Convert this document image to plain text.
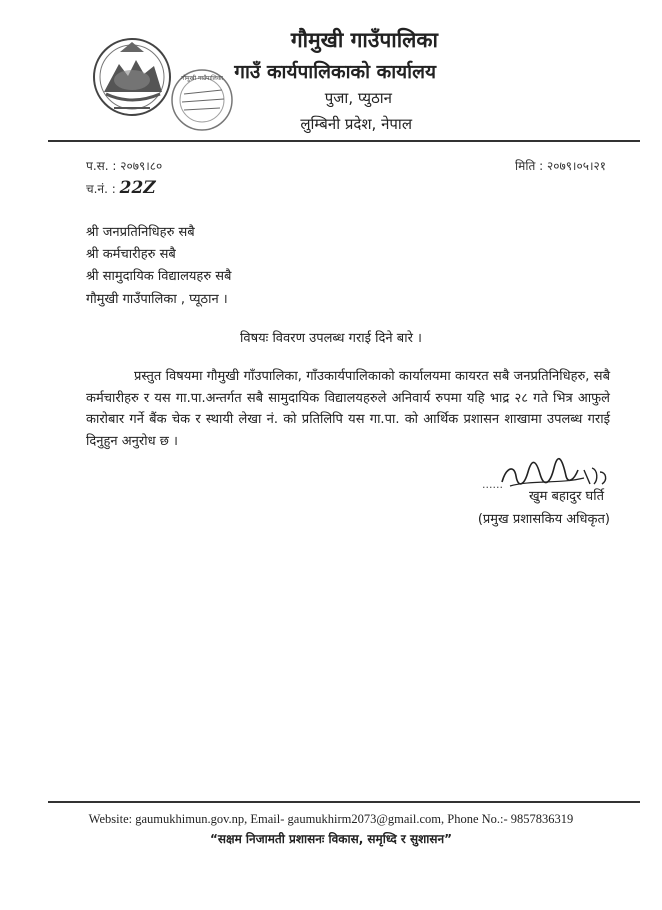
गौमुखी गाउँपालिका
गौमुखी गाउँपालिका
गाउँ कार्यपालिकाको कार्यालय
पुजा, प्युठान
लुम्बिनी प्रदेश, नेपाल
प.स. : २०७९।८०
च.नं. : 22Z
मिति : २०७९।०५।२१
श्री जनप्रतिनिधिहरु सबै
श्री कर्मचारीहरु सबै
श्री सामुदायिक विद्यालयहरु सबै
गौमुखी गाउँपालिका , प्यूठान ।
विषयः विवरण उपलब्ध गराई दिने बारे ।
प्रस्तुत विषयमा गौमुखी गाँउपालिका, गाँउकार्यपालिकाको कार्यालयमा कायरत सबै जनप्रतिनिधिहरु, सबै कर्मचारीहरु र यस गा.पा.अन्तर्गत सबै सामुदायिक विद्यालयहरुले अनिवार्य रुपमा यहि भाद्र २८ गते भित्र आफुले कारोबार गर्ने बैंक चेक र स्थायी लेखा नं. को प्रतिलिपि यस गा.पा. को आर्थिक प्रशासन शाखामा उपलब्ध गराई दिनुहुन अनुरोध छ ।
......
खुम बहादुर घर्ति
(प्रमुख प्रशासकिय अधिकृत)
Website: gaumukhimun.gov.np, Email- gaumukhirm2073@gmail.com, Phone No.:- 9857836319
“सक्षम निजामती प्रशासनः विकास, समृध्दि र सुशासन”
